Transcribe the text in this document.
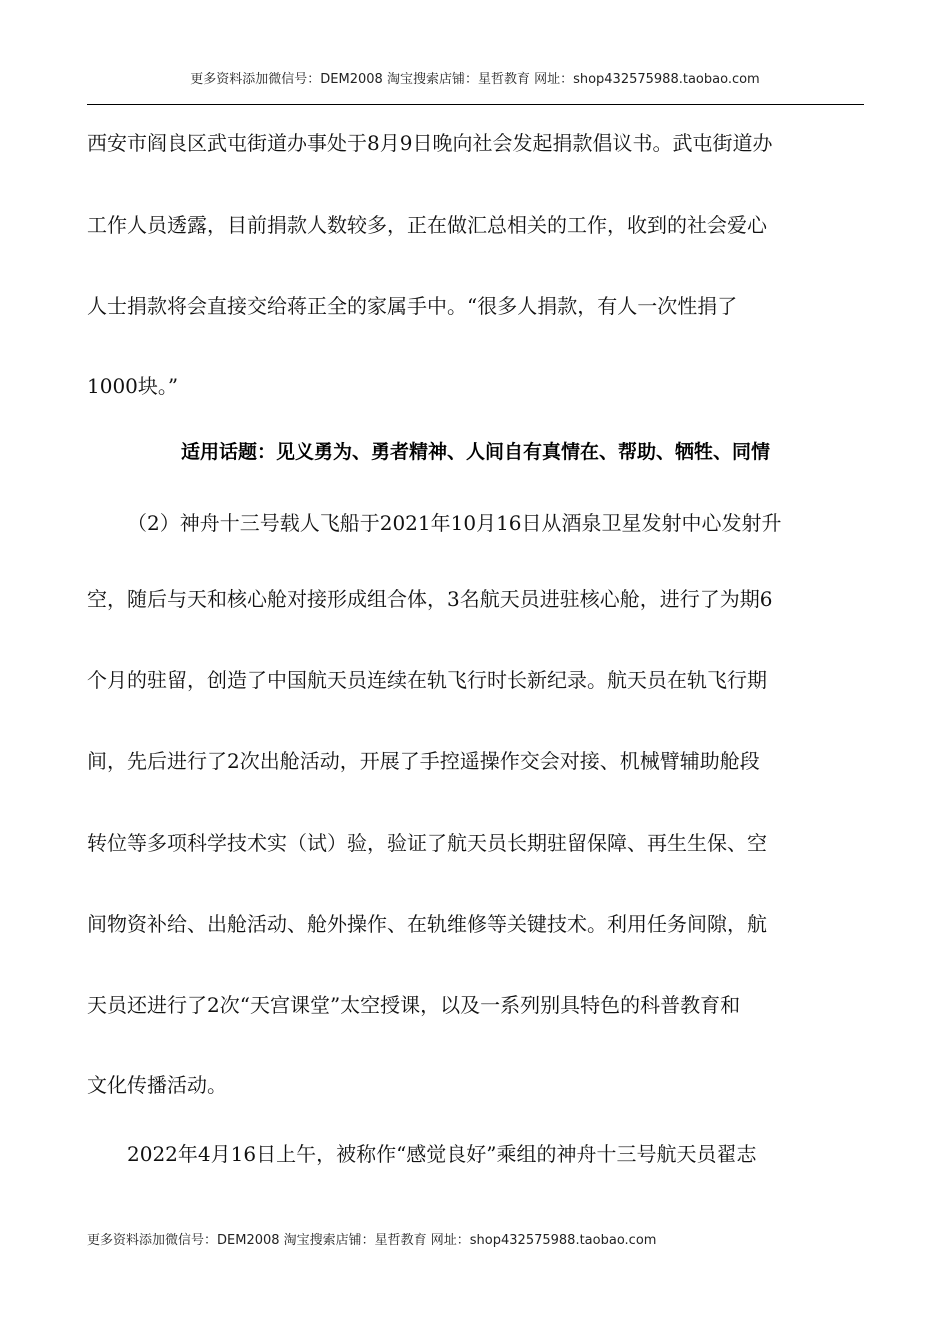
更多资料添加微信号：DEM2008 淘宝搜索店铺：星哲教育 网址：shop432575988.taobao.com
西安市阎良区武屯街道办事处于8月9日晚向社会发起捐款倡议书。武屯街道办
工作人员透露，目前捐款人数较多，正在做汇总相关的工作，收到的社会爱心
人士捐款将会直接交给蒋正全的家属手中。“很多人捐款，有人一次性捐了
1000块。”
适用话题：见义勇为、勇者精神、人间自有真情在、帮助、牺牲、同情
（2）神舟十三号载人飞船于2021年10月16日从酒泉卫星发射中心发射升
空，随后与天和核心舱对接形成组合体，3名航天员进驻核心舱，进行了为期6
个月的驻留，创造了中国航天员连续在轨飞行时长新纪录。航天员在轨飞行期
间，先后进行了2次出舱活动，开展了手控遥操作交会对接、机械臂辅助舱段
转位等多项科学技术实（试）验，验证了航天员长期驻留保障、再生生保、空
间物资补给、出舱活动、舱外操作、在轨维修等关键技术。利用任务间隙，航
天员还进行了2次“天宫课堂”太空授课，以及一系列别具特色的科普教育和
文化传播活动。
2022年4月16日上午，被称作“感觉良好”乘组的神舟十三号航天员翟志
更多资料添加微信号：DEM2008 淘宝搜索店铺：星哲教育 网址：shop432575988.taobao.com
